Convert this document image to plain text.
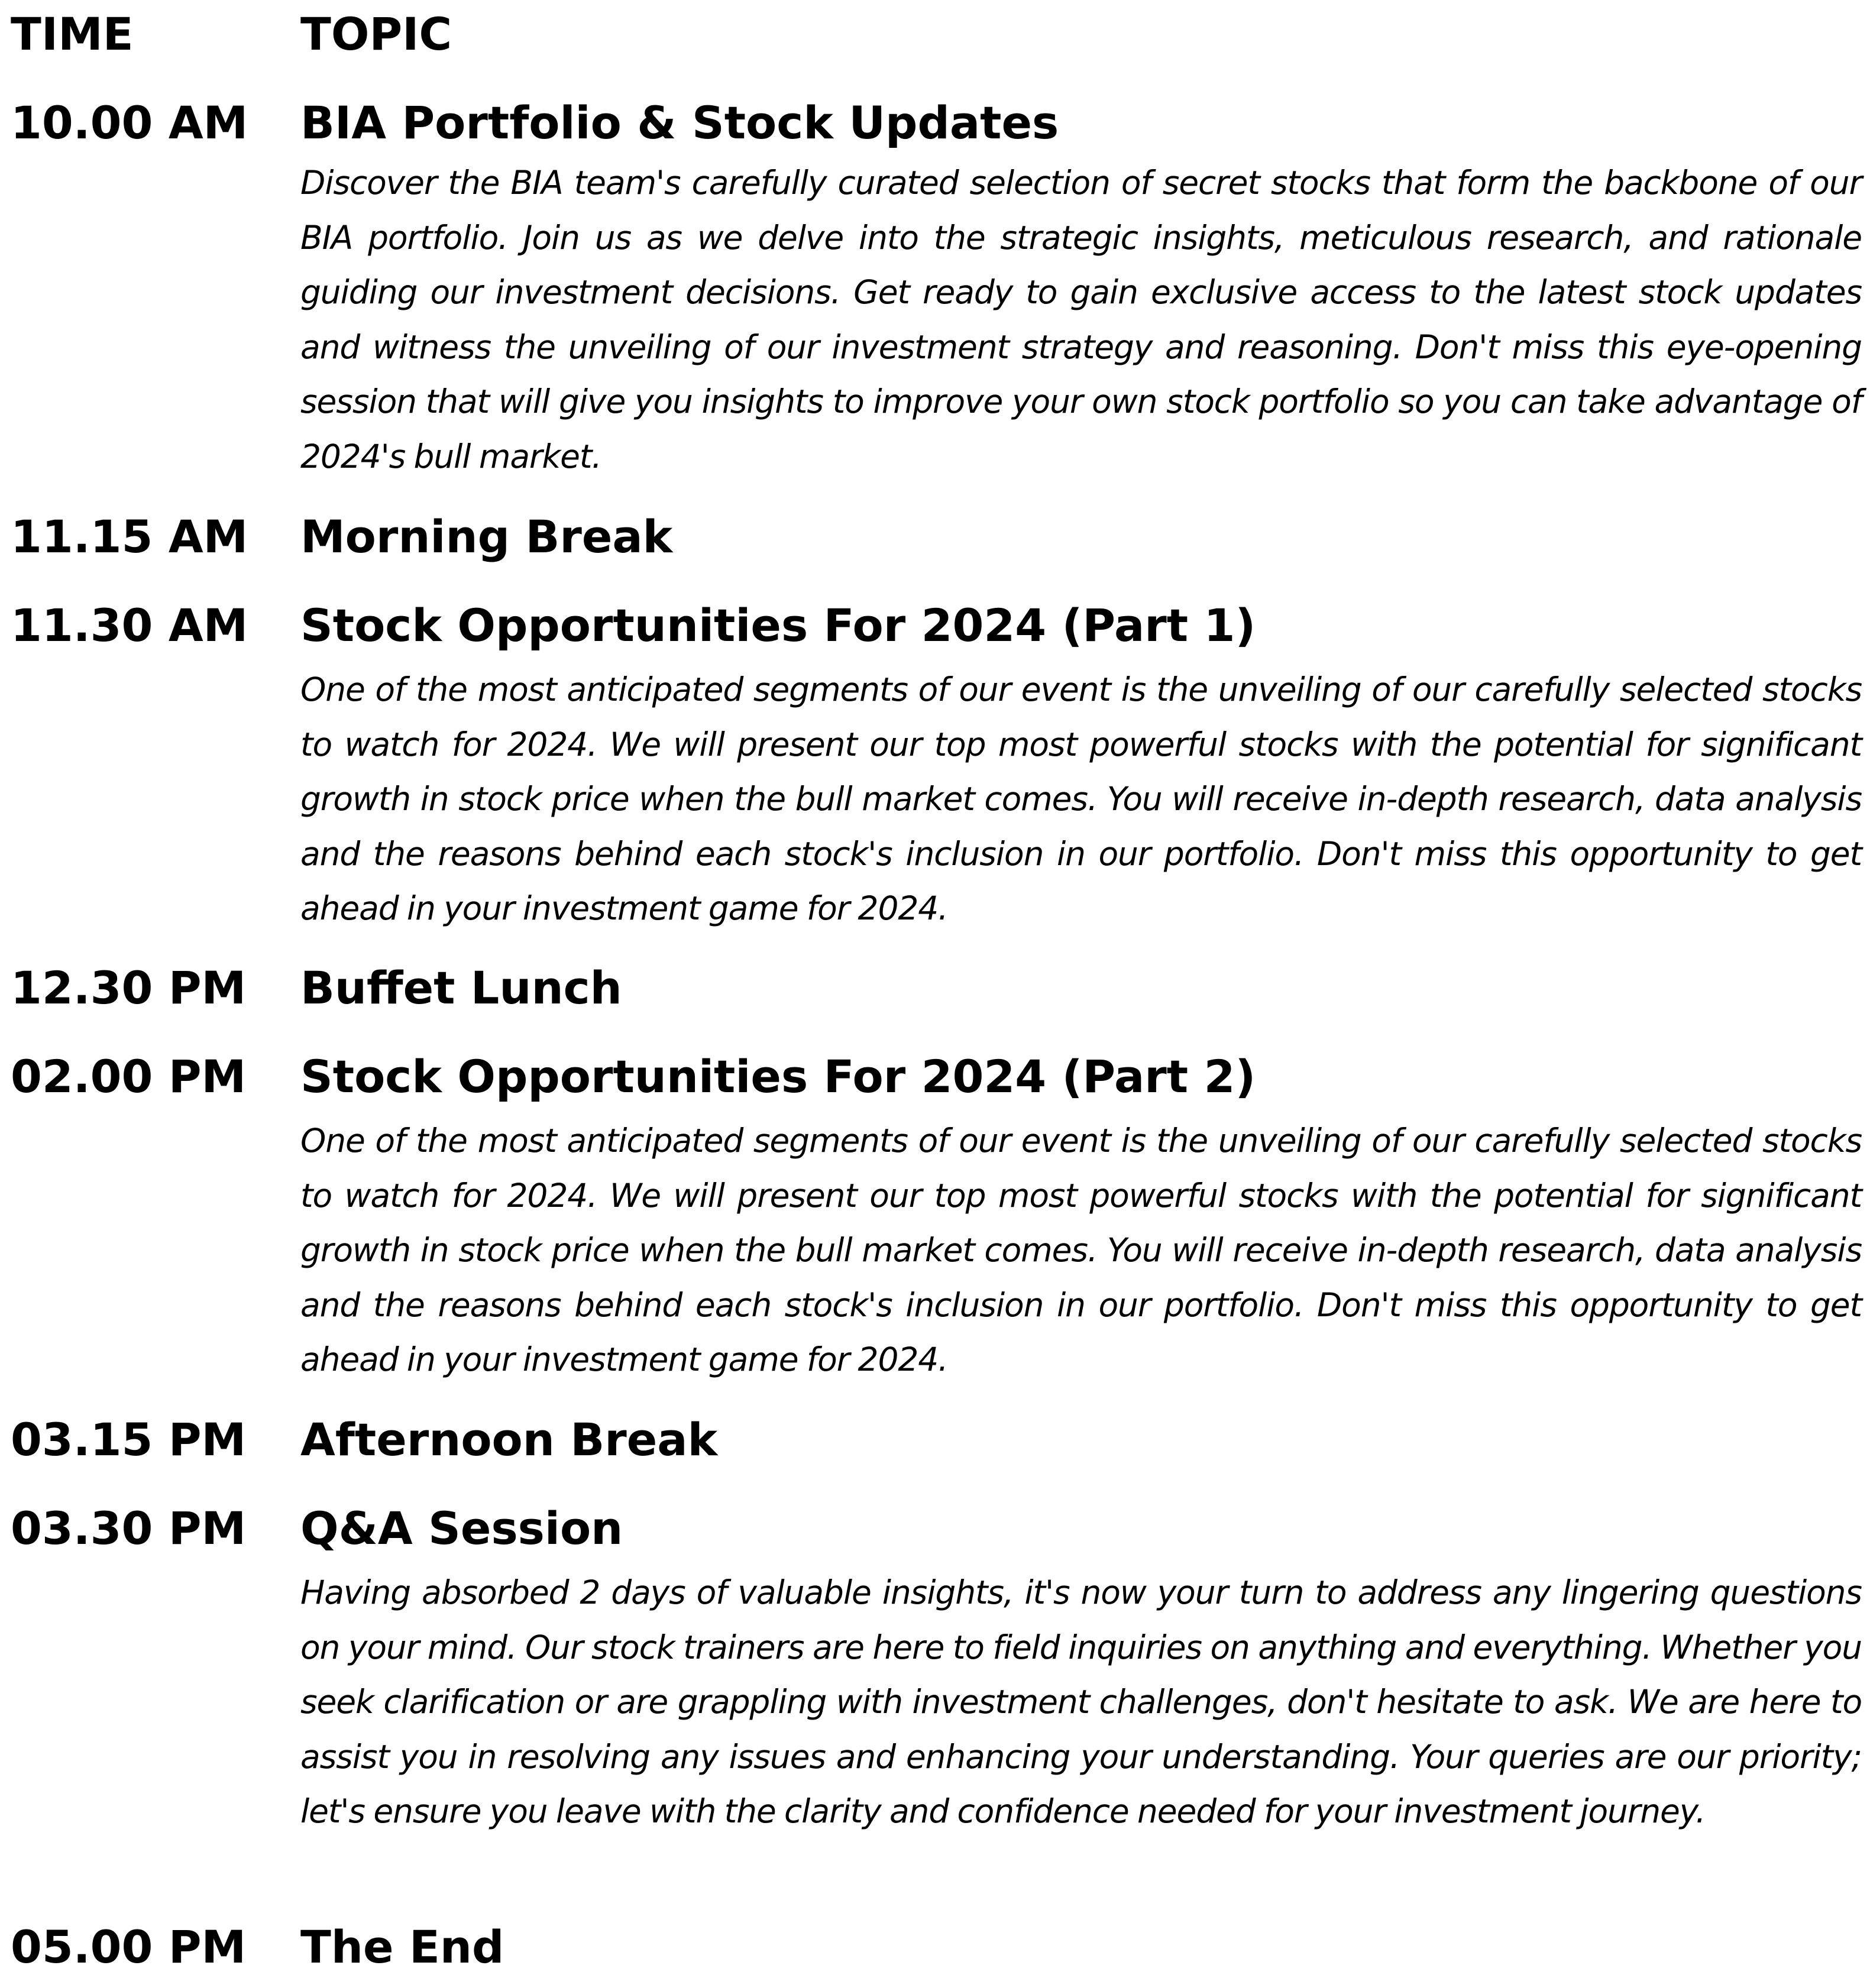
TIME	TOPIC
10.00 AM	BIA Portfolio & Stock Updates
Discover the BIA team's carefully curated selection of secret stocks that form the backbone of our BIA portfolio. Join us as we delve into the strategic insights, meticulous research, and rationale guiding our investment decisions. Get ready to gain exclusive access to the latest stock updates and witness the unveiling of our investment strategy and reasoning. Don't miss this eye-opening session that will give you insights to improve your own stock portfolio so you can take advantage of 2024's bull market.
11.15 AM	Morning Break
11.30 AM	Stock Opportunities For 2024 (Part 1)
One of the most anticipated segments of our event is the unveiling of our carefully selected stocks to watch for 2024. We will present our top most powerful stocks with the potential for significant growth in stock price when the bull market comes. You will receive in-depth research, data analysis and the reasons behind each stock's inclusion in our portfolio. Don't miss this opportunity to get ahead in your investment game for 2024.
12.30 PM	Buffet Lunch
02.00 PM	Stock Opportunities For 2024 (Part 2)
One of the most anticipated segments of our event is the unveiling of our carefully selected stocks to watch for 2024. We will present our top most powerful stocks with the potential for significant growth in stock price when the bull market comes. You will receive in-depth research, data analysis and the reasons behind each stock's inclusion in our portfolio. Don't miss this opportunity to get ahead in your investment game for 2024.
03.15 PM	Afternoon Break
03.30 PM	Q&A Session
Having absorbed 2 days of valuable insights, it's now your turn to address any lingering questions on your mind. Our stock trainers are here to field inquiries on anything and everything. Whether you seek clarification or are grappling with investment challenges, don't hesitate to ask. We are here to assist you in resolving any issues and enhancing your understanding. Your queries are our priority; let's ensure you leave with the clarity and confidence needed for your investment journey.
05.00 PM	The End
